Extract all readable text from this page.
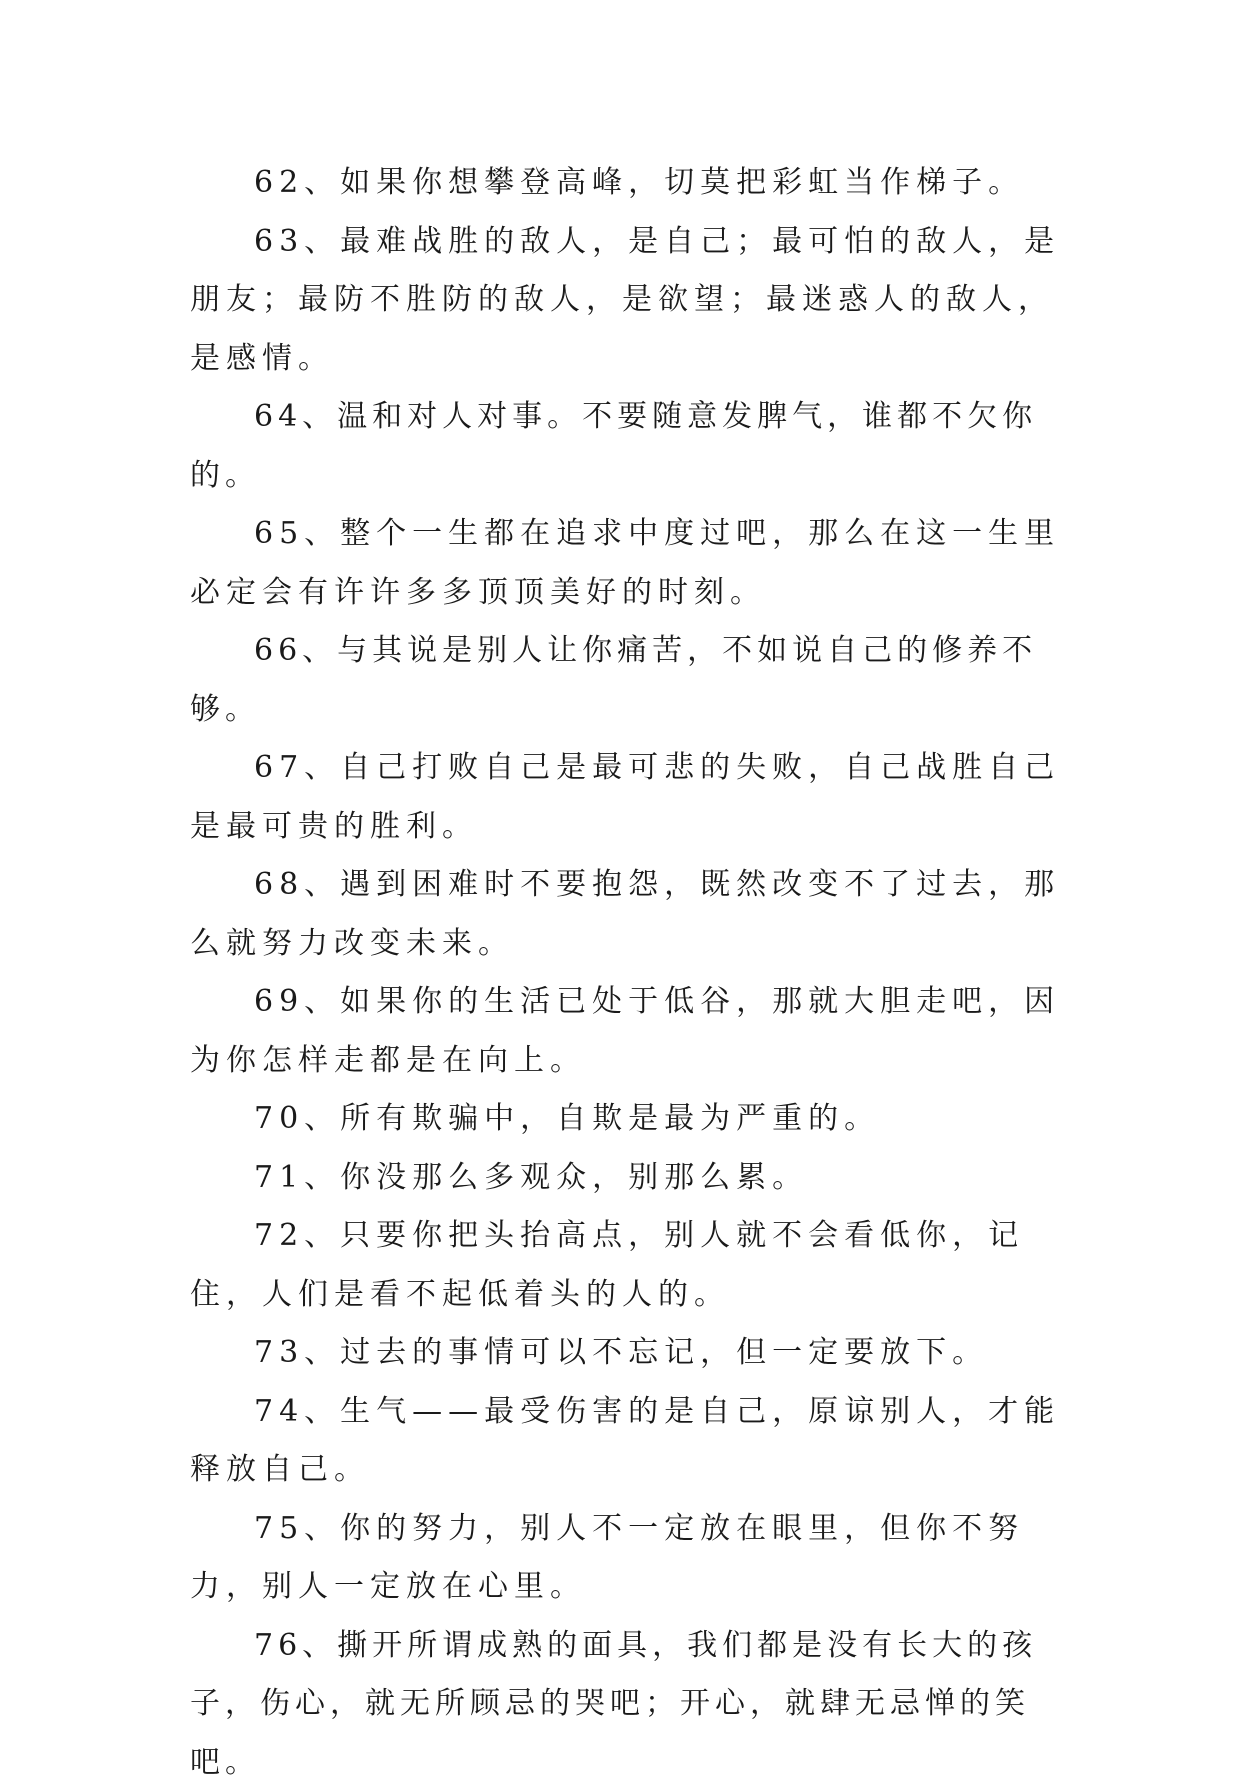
62、如果你想攀登高峰，切莫把彩虹当作梯子。

63、最难战胜的敌人，是自己；最可怕的敌人，是朋友；最防不胜防的敌人，是欲望；最迷惑人的敌人，是感情。

64、温和对人对事。不要随意发脾气，谁都不欠你的。

65、整个一生都在追求中度过吧，那么在这一生里必定会有许许多多顶顶美好的时刻。

66、与其说是别人让你痛苦，不如说自己的修养不够。

67、自己打败自己是最可悲的失败，自己战胜自己是最可贵的胜利。

68、遇到困难时不要抱怨，既然改变不了过去，那么就努力改变未来。

69、如果你的生活已处于低谷，那就大胆走吧，因为你怎样走都是在向上。

70、所有欺骗中，自欺是最为严重的。

71、你没那么多观众，别那么累。

72、只要你把头抬高点，别人就不会看低你，记住，人们是看不起低着头的人的。

73、过去的事情可以不忘记，但一定要放下。

74、生气——最受伤害的是自己，原谅别人，才能释放自己。

75、你的努力，别人不一定放在眼里，但你不努力，别人一定放在心里。

76、撕开所谓成熟的面具，我们都是没有长大的孩子，伤心，就无所顾忌的哭吧；开心，就肆无忌惮的笑吧。
